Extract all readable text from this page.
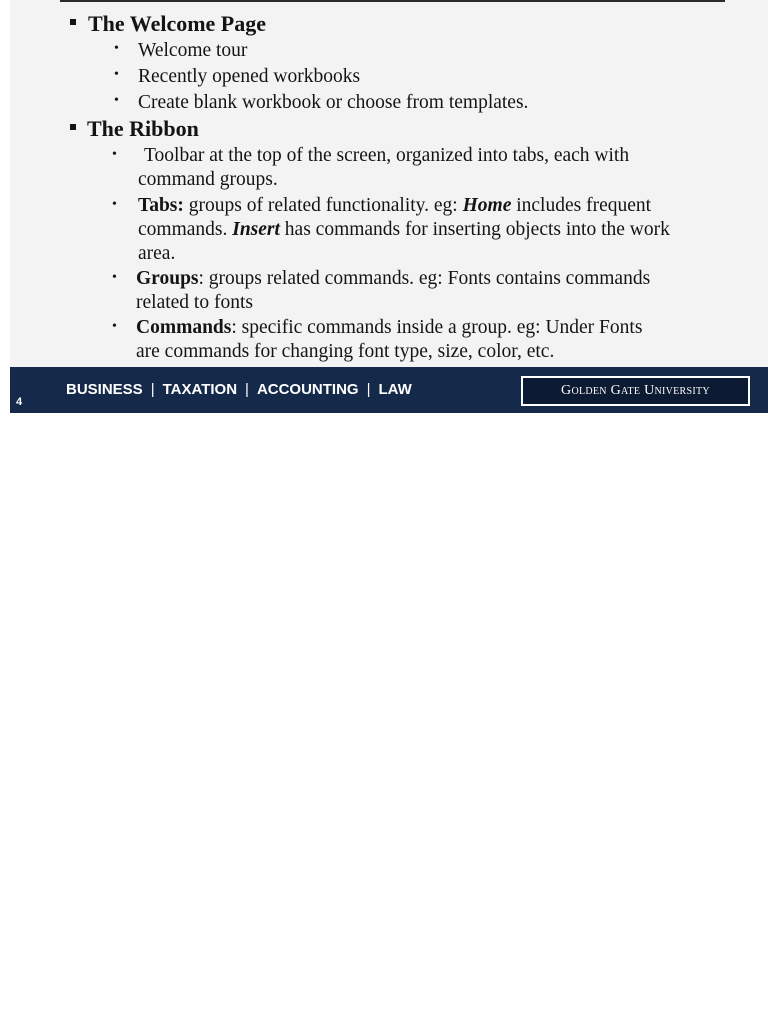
The Welcome Page
• Welcome tour
• Recently opened workbooks
• Create blank workbook or choose from templates.
The Ribbon
• Toolbar at the top of the screen, organized into tabs, each with
command groups.
• Tabs: groups of related functionality. eg: Home includes frequent
commands. Insert has commands for inserting objects into the work
area.
• Groups: groups related commands. eg: Fonts contains commands
related to fonts
• Commands: specific commands inside a group. eg: Under Fonts
are commands for changing font type, size, color, etc.
4
BUSINESS | TAXATION | ACCOUNTING | LAW	Golden Gate University
